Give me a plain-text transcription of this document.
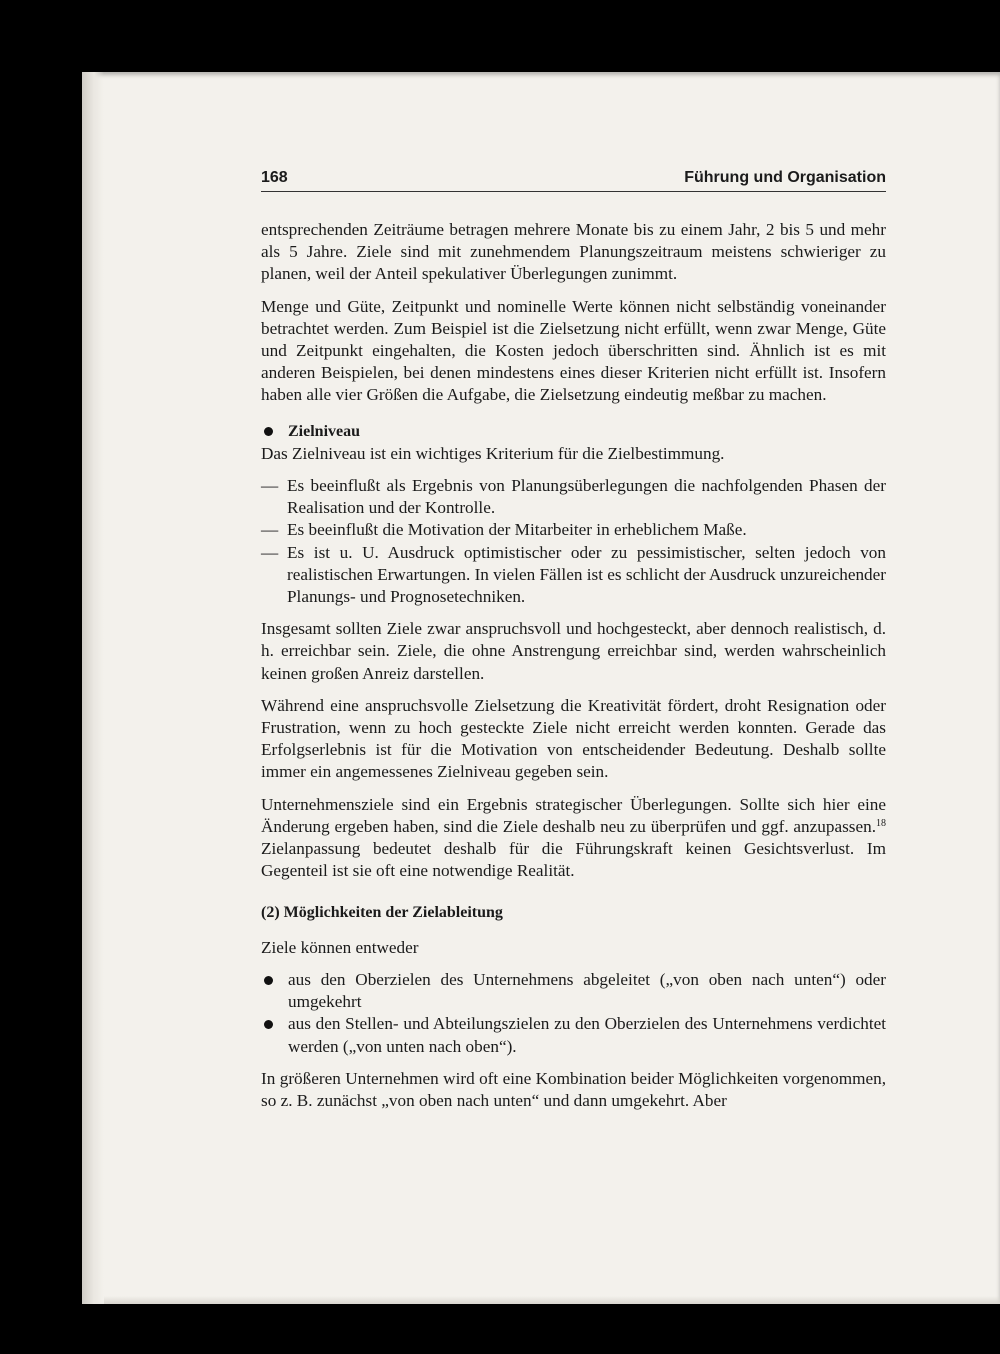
168	Führung und Organisation

entsprechenden Zeiträume betragen mehrere Monate bis zu einem Jahr, 2 bis 5 und mehr als 5 Jahre. Ziele sind mit zunehmendem Planungszeitraum meistens schwieriger zu planen, weil der Anteil spekulativer Überlegungen zunimmt.

Menge und Güte, Zeitpunkt und nominelle Werte können nicht selbständig voneinander betrachtet werden. Zum Beispiel ist die Zielsetzung nicht erfüllt, wenn zwar Menge, Güte und Zeitpunkt eingehalten, die Kosten jedoch überschritten sind. Ähnlich ist es mit anderen Beispielen, bei denen mindestens eines dieser Kriterien nicht erfüllt ist. Insofern haben alle vier Größen die Aufgabe, die Zielsetzung eindeutig meßbar zu machen.

Zielniveau

Das Zielniveau ist ein wichtiges Kriterium für die Zielbestimmung.

— Es beeinflußt als Ergebnis von Planungsüberlegungen die nachfolgenden Phasen der Realisation und der Kontrolle.
— Es beeinflußt die Motivation der Mitarbeiter in erheblichem Maße.
— Es ist u. U. Ausdruck optimistischer oder zu pessimistischer, selten jedoch von realistischen Erwartungen. In vielen Fällen ist es schlicht der Ausdruck unzureichender Planungs- und Prognosetechniken.

Insgesamt sollten Ziele zwar anspruchsvoll und hochgesteckt, aber dennoch realistisch, d. h. erreichbar sein. Ziele, die ohne Anstrengung erreichbar sind, werden wahrscheinlich keinen großen Anreiz darstellen.

Während eine anspruchsvolle Zielsetzung die Kreativität fördert, droht Resignation oder Frustration, wenn zu hoch gesteckte Ziele nicht erreicht werden konnten. Gerade das Erfolgserlebnis ist für die Motivation von entscheidender Bedeutung. Deshalb sollte immer ein angemessenes Zielniveau gegeben sein.

Unternehmensziele sind ein Ergebnis strategischer Überlegungen. Sollte sich hier eine Änderung ergeben haben, sind die Ziele deshalb neu zu überprüfen und ggf. anzupassen.$^{18}$ Zielanpassung bedeutet deshalb für die Führungskraft keinen Gesichtsverlust. Im Gegenteil ist sie oft eine notwendige Realität.

(2) Möglichkeiten der Zielableitung

Ziele können entweder

aus den Oberzielen des Unternehmens abgeleitet („von oben nach unten“) oder umgekehrt
aus den Stellen- und Abteilungszielen zu den Oberzielen des Unternehmens verdichtet werden („von unten nach oben“).

In größeren Unternehmen wird oft eine Kombination beider Möglichkeiten vorgenommen, so z. B. zunächst „von oben nach unten“ und dann umgekehrt. Aber
